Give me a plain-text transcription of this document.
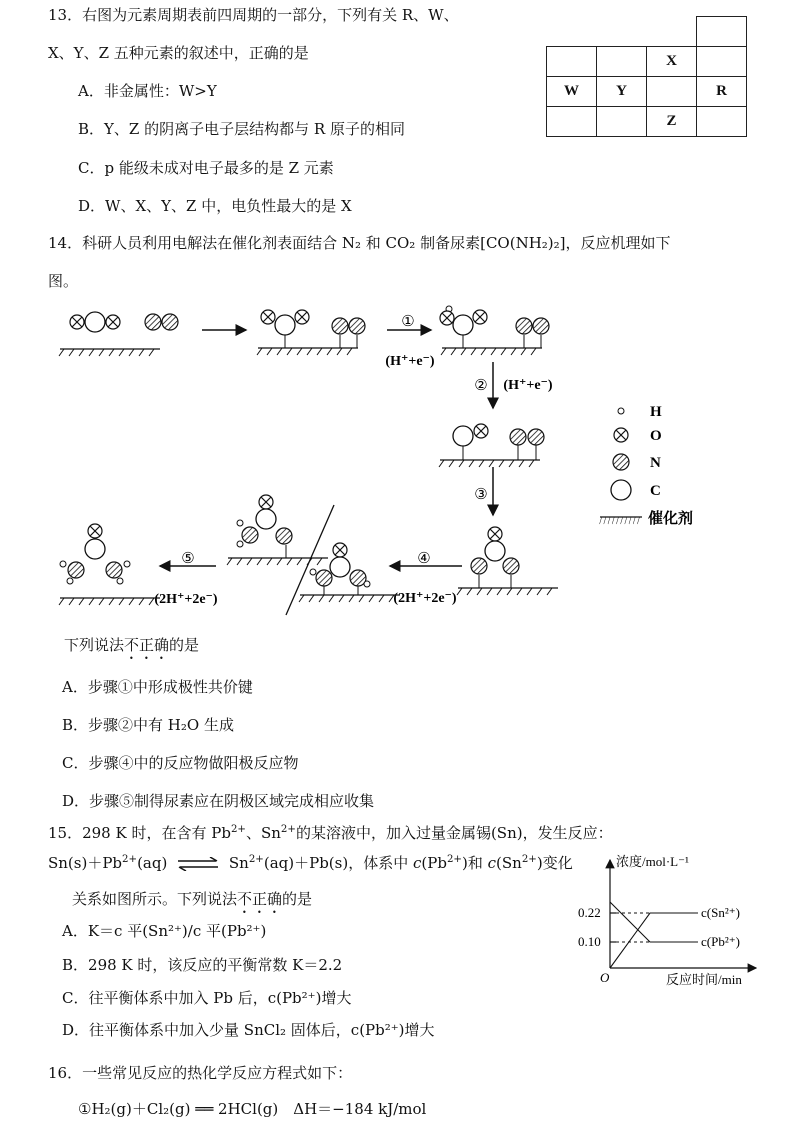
13．右图为元素周期表前四周期的一部分，下列有关 R、W、
X、Y、Z 五种元素的叙述中，正确的是
A．非金属性：W>Y
B．Y、Z 的阴离子电子层结构都与 R 原子的相同
C．p 能级未成对电子最多的是 Z 元素
D．W、X、Y、Z 中，电负性最大的是 X

		X	
W	Y		R
		Z	
14．科研人员利用电解法在催化剂表面结合 N₂ 和 CO₂ 制备尿素[CO(NH₂)₂]，反应机理如下
图。
①
(H⁺+e⁻)
② (H⁺+e⁻)
③
H
O
N
C
催化剂
④
(2H⁺+2e⁻)
⑤
(2H⁺+2e⁻)
下列说法不正确的是
A．步骤①中形成极性共价键
B．步骤②中有 H₂O 生成
C．步骤④中的反应物做阳极反应物
D．步骤⑤制得尿素应在阴极区域完成相应收集
15．298 K 时，在含有 $Pb^{2+}$、$Sn^{2+}$的某溶液中，加入过量金属锡(Sn)，发生反应：
$Sn(s)+Pb^{2+}(aq)$ ⇌ $Sn^{2+}(aq)+Pb(s)$，体系中 $c(Pb^{2+})$和 $c(Sn^{2+})$变化
关系如图所示。下列说法不正确的是
A．K＝c 平(Sn²⁺)/c 平(Pb²⁺)
B．298 K 时，该反应的平衡常数 K＝2.2
C．往平衡体系中加入 Pb 后，c(Pb²⁺)增大
D．往平衡体系中加入少量 SnCl₂ 固体后，c(Pb²⁺)增大
浓度/mol·L⁻¹
反应时间/min
O
0.22
0.10
c(Sn²⁺)
c(Pb²⁺)
16．一些常见反应的热化学反应方程式如下：
①H₂(g)＋Cl₂(g) ══ 2HCl(g)　ΔH＝−184 kJ/mol
